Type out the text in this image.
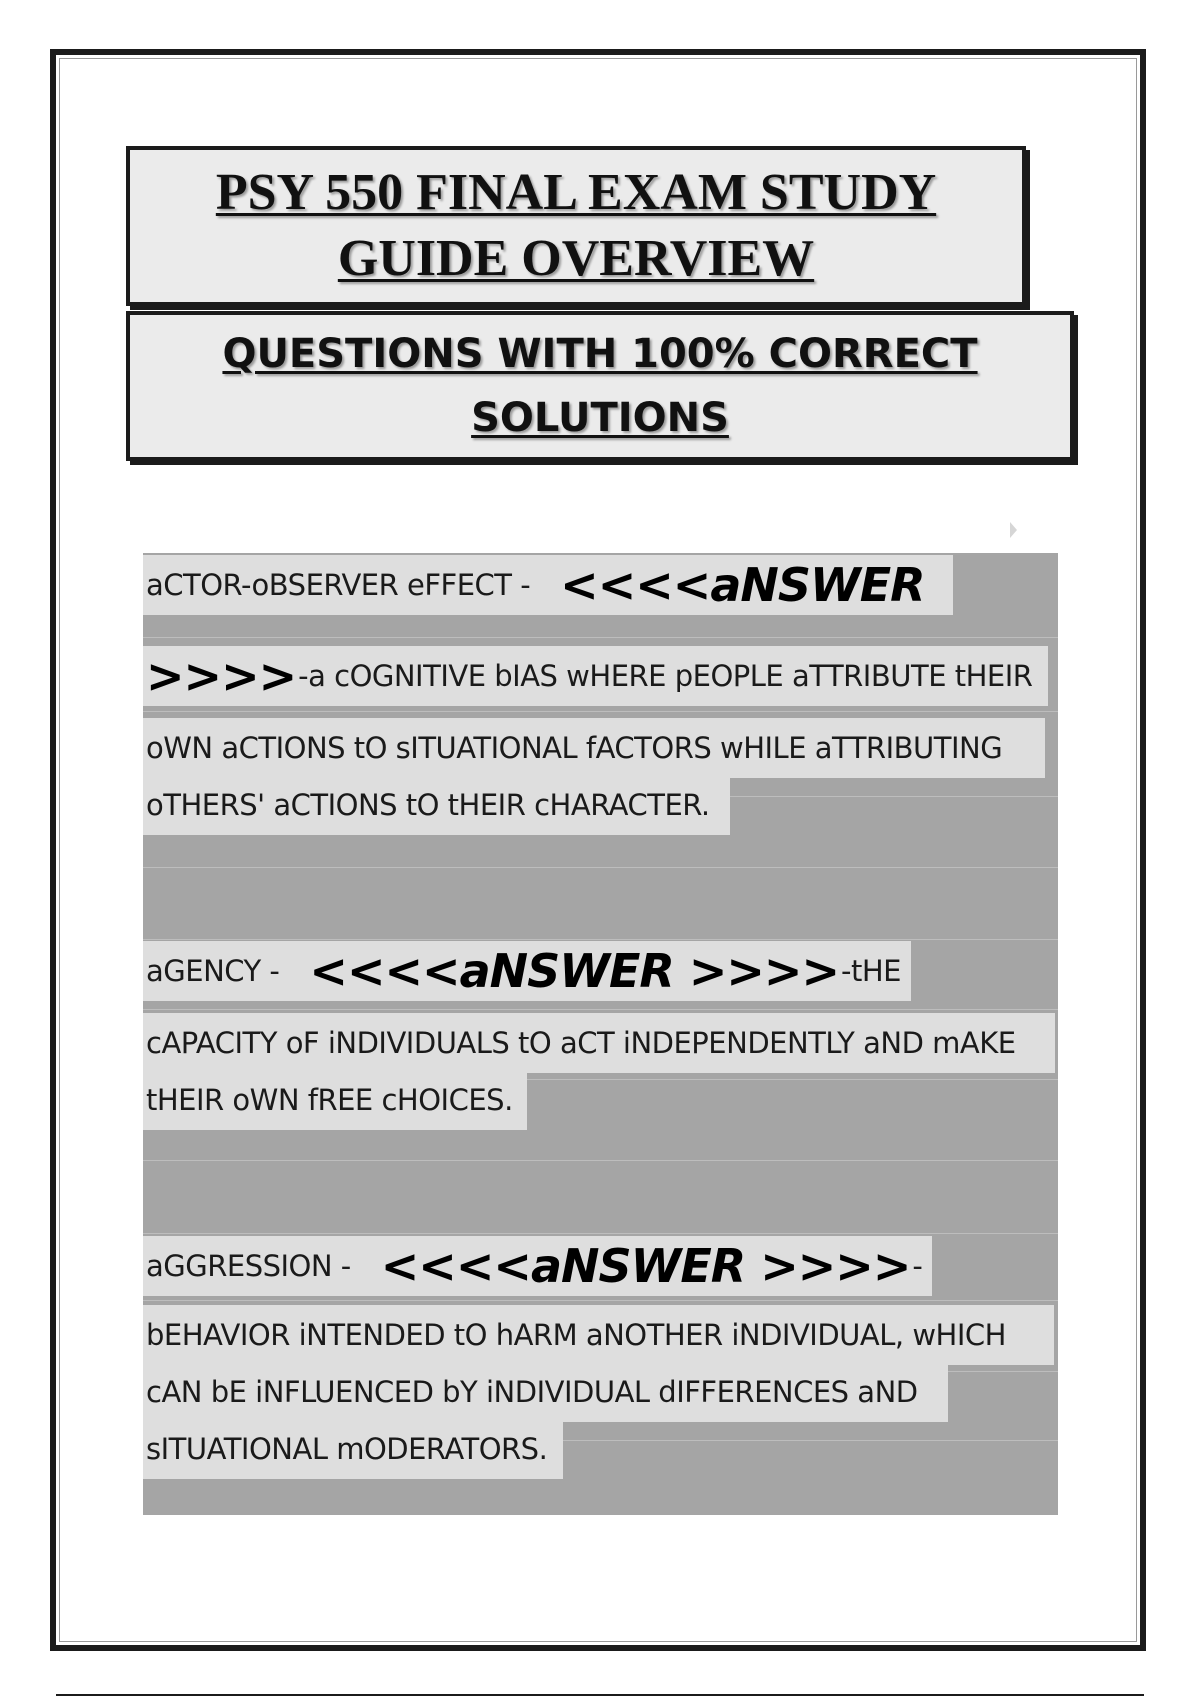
PSY 550 FINAL EXAM STUDY GUIDE OVERVIEW
QUESTIONS WITH 100% CORRECT SOLUTIONS
aCTOR-oBSERVER eFFECT - <<<<aNSWER
>>>> -a cOGNITIVE bIAS wHERE pEOPLE aTTRIBUTE tHEIR
oWN aCTIONS tO sITUATIONAL fACTORS wHILE aTTRIBUTING
oTHERS' aCTIONS tO tHEIR cHARACTER.
aGENCY - <<<<aNSWER >>>> -tHE
cAPACITY oF iNDIVIDUALS tO aCT iNDEPENDENTLY aND mAKE
tHEIR oWN fREE cHOICES.
aGGRESSION - <<<<aNSWER >>>> -
bEHAVIOR iNTENDED tO hARM aNOTHER iNDIVIDUAL, wHICH
cAN bE iNFLUENCED bY iNDIVIDUAL dIFFERENCES aND
sITUATIONAL mODERATORS.
